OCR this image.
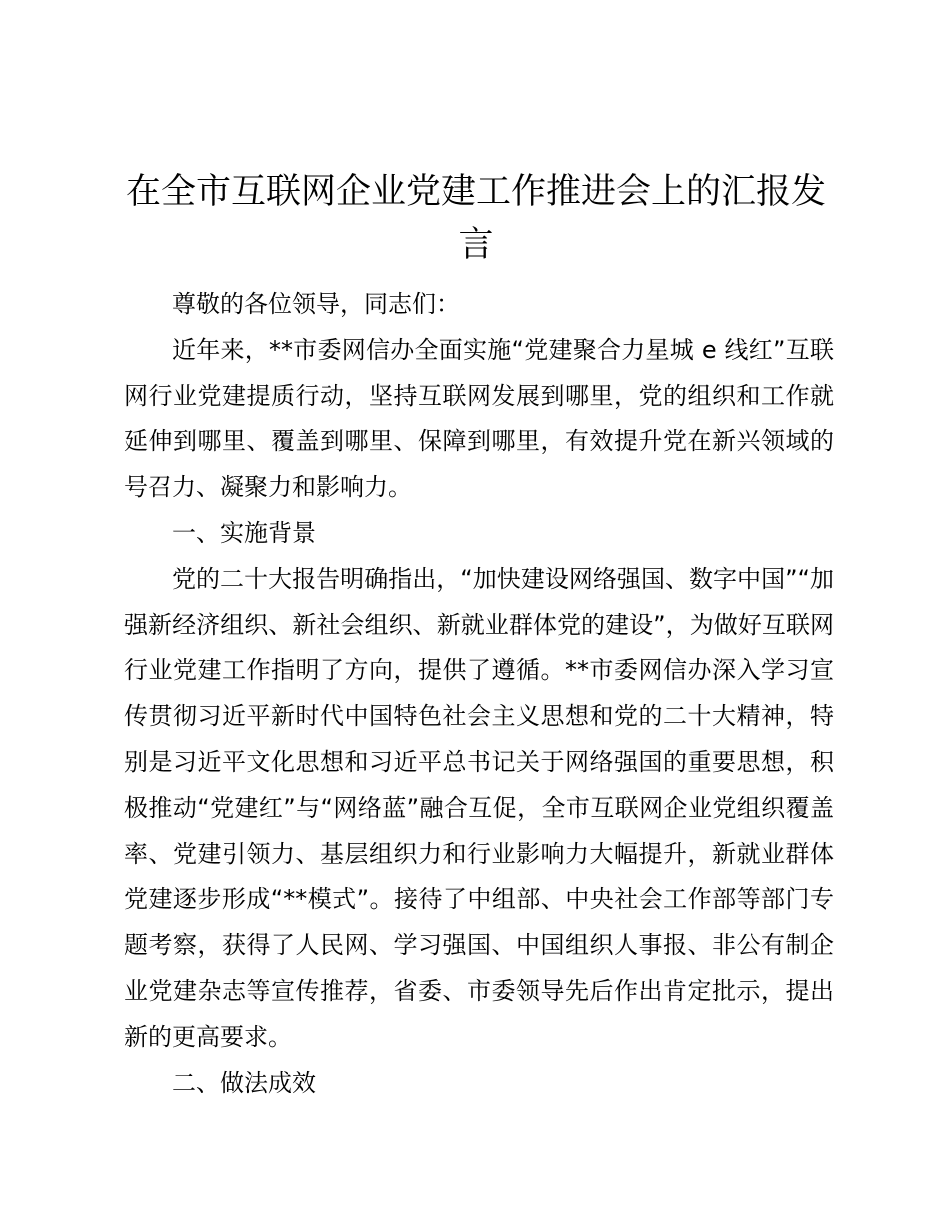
在全市互联网企业党建工作推进会上的汇报发言

尊敬的各位领导，同志们：

近年来，**市委网信办全面实施“党建聚合力星城 e 线红”互联网行业党建提质行动，坚持互联网发展到哪里，党的组织和工作就延伸到哪里、覆盖到哪里、保障到哪里，有效提升党在新兴领域的号召力、凝聚力和影响力。

一、实施背景

党的二十大报告明确指出，“加快建设网络强国、数字中国”“加强新经济组织、新社会组织、新就业群体党的建设”，为做好互联网行业党建工作指明了方向，提供了遵循。**市委网信办深入学习宣传贯彻习近平新时代中国特色社会主义思想和党的二十大精神，特别是习近平文化思想和习近平总书记关于网络强国的重要思想，积极推动“党建红”与“网络蓝”融合互促，全市互联网企业党组织覆盖率、党建引领力、基层组织力和行业影响力大幅提升，新就业群体党建逐步形成“**模式”。接待了中组部、中央社会工作部等部门专题考察，获得了人民网、学习强国、中国组织人事报、非公有制企业党建杂志等宣传推荐，省委、市委领导先后作出肯定批示，提出新的更高要求。

二、做法成效
